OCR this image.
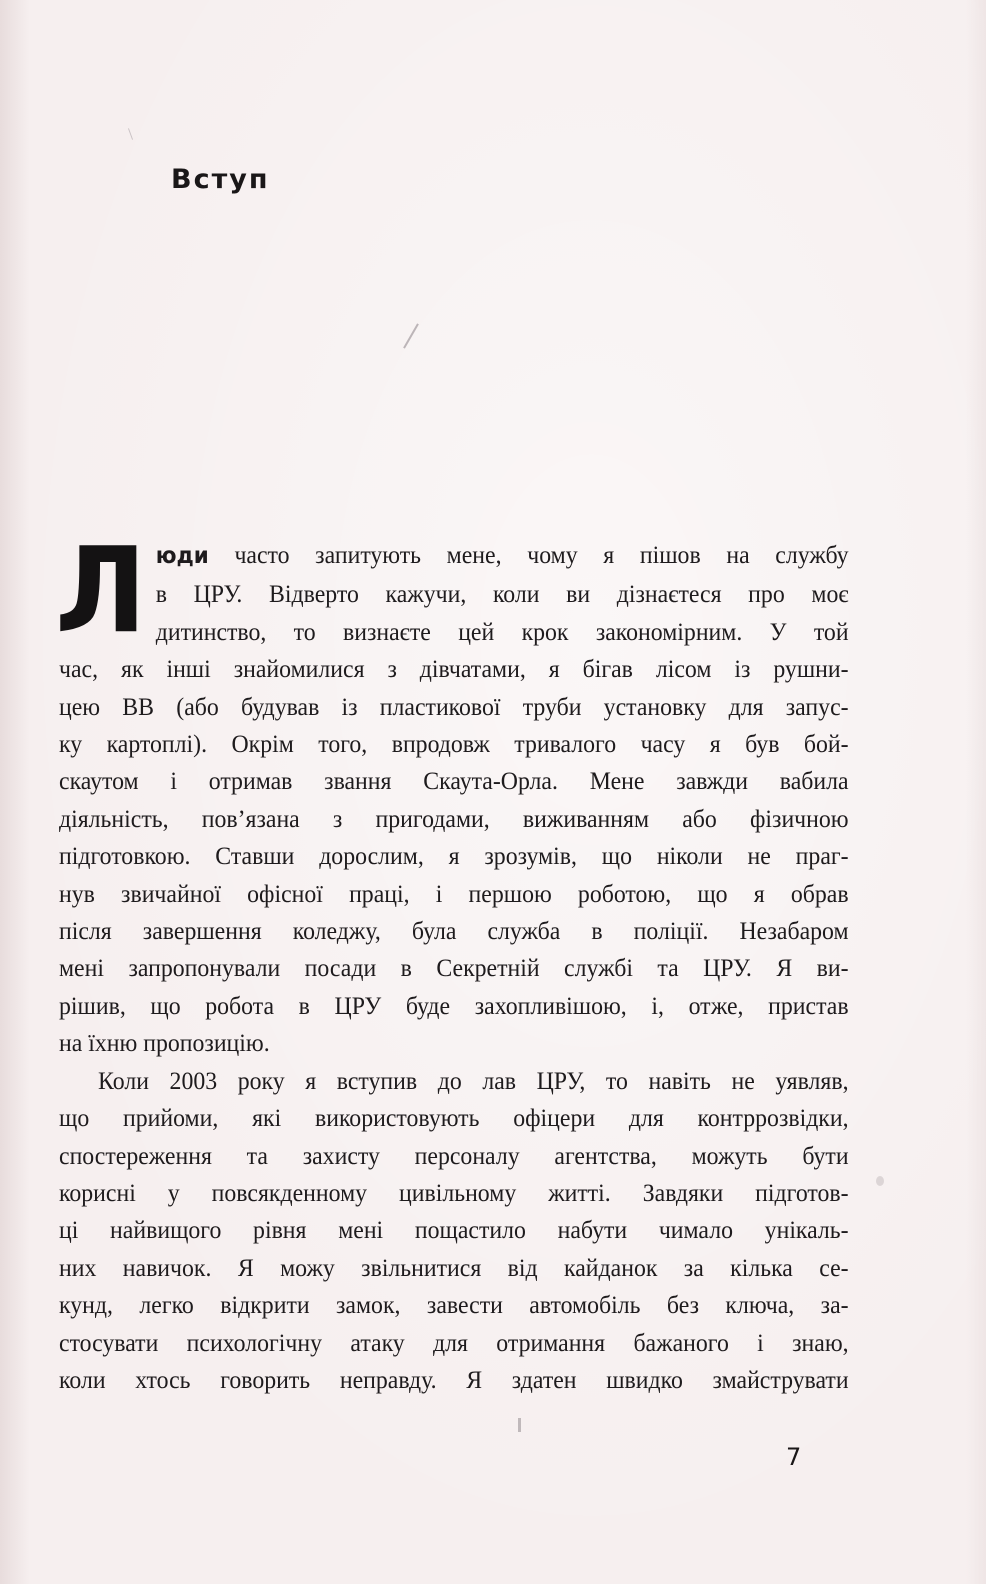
Вступ
Л юди часто запитують мене, чому я пішов на службу
в ЦРУ. Відверто кажучи, коли ви дізнаєтеся про моє
дитинство, то визнаєте цей крок закономірним. У той
час, як інші знайомилися з дівчатами, я бігав лісом із рушни-
цею ВВ (або будував із пластикової труби установку для запус-
ку картоплі). Окрім того, впродовж тривалого часу я був бой-
скаутом і отримав звання Скаута-Орла. Мене завжди вабила
діяльність, пов’язана з пригодами, виживанням або фізичною
підготовкою. Ставши дорослим, я зрозумів, що ніколи не праг-
нув звичайної офісної праці, і першою роботою, що я обрав
після завершення коледжу, була служба в поліції. Незабаром
мені запропонували посади в Секретній службі та ЦРУ. Я ви-
рішив, що робота в ЦРУ буде захопливішою, і, отже, пристав
на їхню пропозицію.
Коли 2003 року я вступив до лав ЦРУ, то навіть не уявляв,
що прийоми, які використовують офіцери для контррозвідки,
спостереження та захисту персоналу агентства, можуть бути
корисні у повсякденному цивільному житті. Завдяки підготов-
ці найвищого рівня мені пощастило набути чимало унікаль-
них навичок. Я можу звільнитися від кайданок за кілька се-
кунд, легко відкрити замок, завести автомобіль без ключа, за-
стосувати психологічну атаку для отримання бажаного і знаю,
коли хтось говорить неправду. Я здатен швидко змайструвати
7
